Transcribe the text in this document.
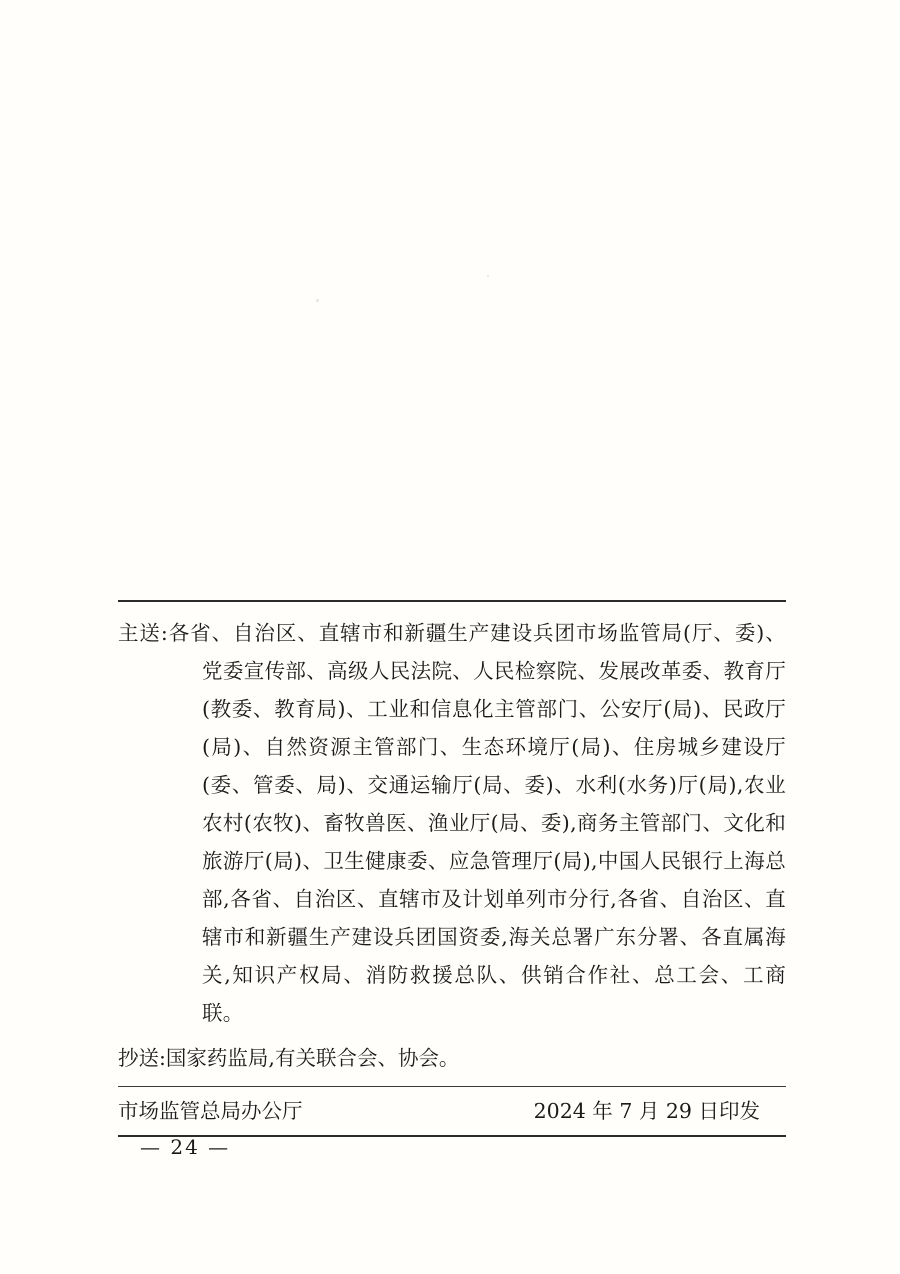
主送:各省、自治区、直辖市和新疆生产建设兵团市场监管局(厅、委)、党委宣传部、高级人民法院、人民检察院、发展改革委、教育厅(教委、教育局)、工业和信息化主管部门、公安厅(局)、民政厅(局)、自然资源主管部门、生态环境厅(局)、住房城乡建设厅(委、管委、局)、交通运输厅(局、委)、水利(水务)厅(局),农业农村(农牧)、畜牧兽医、渔业厅(局、委),商务主管部门、文化和旅游厅(局)、卫生健康委、应急管理厅(局),中国人民银行上海总部,各省、自治区、直辖市及计划单列市分行,各省、自治区、直辖市和新疆生产建设兵团国资委,海关总署广东分署、各直属海关,知识产权局、消防救援总队、供销合作社、总工会、工商联。
抄送:国家药监局,有关联合会、协会。
市场监管总局办公厅	2024 年 7 月 29 日印发
— 24 —
